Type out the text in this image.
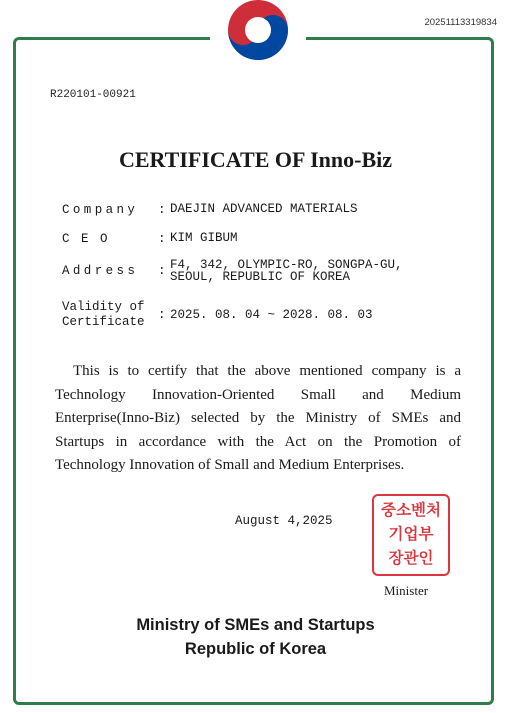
20251113319834
R220101-00921
CERTIFICATE OF Inno-Biz
Company	: DAEJIN ADVANCED MATERIALS
C E O	: KIM GIBUM
Address	: F4, 342, OLYMPIC-RO, SONGPA-GU,
SEOUL, REPUBLIC OF KOREA
Validity of
Certificate	: 2025. 08. 04 ~ 2028. 08. 03
This is to certify that the above mentioned company is a Technology Innovation-Oriented Small and Medium Enterprise(Inno-Biz) selected by the Ministry of SMEs and Startups in accordance with the Act on the Promotion of Technology Innovation of Small and Medium Enterprises.
August 4,2025
중소벤처
기업부
장관인
Minister
Ministry of SMEs and Startups
Republic of Korea
